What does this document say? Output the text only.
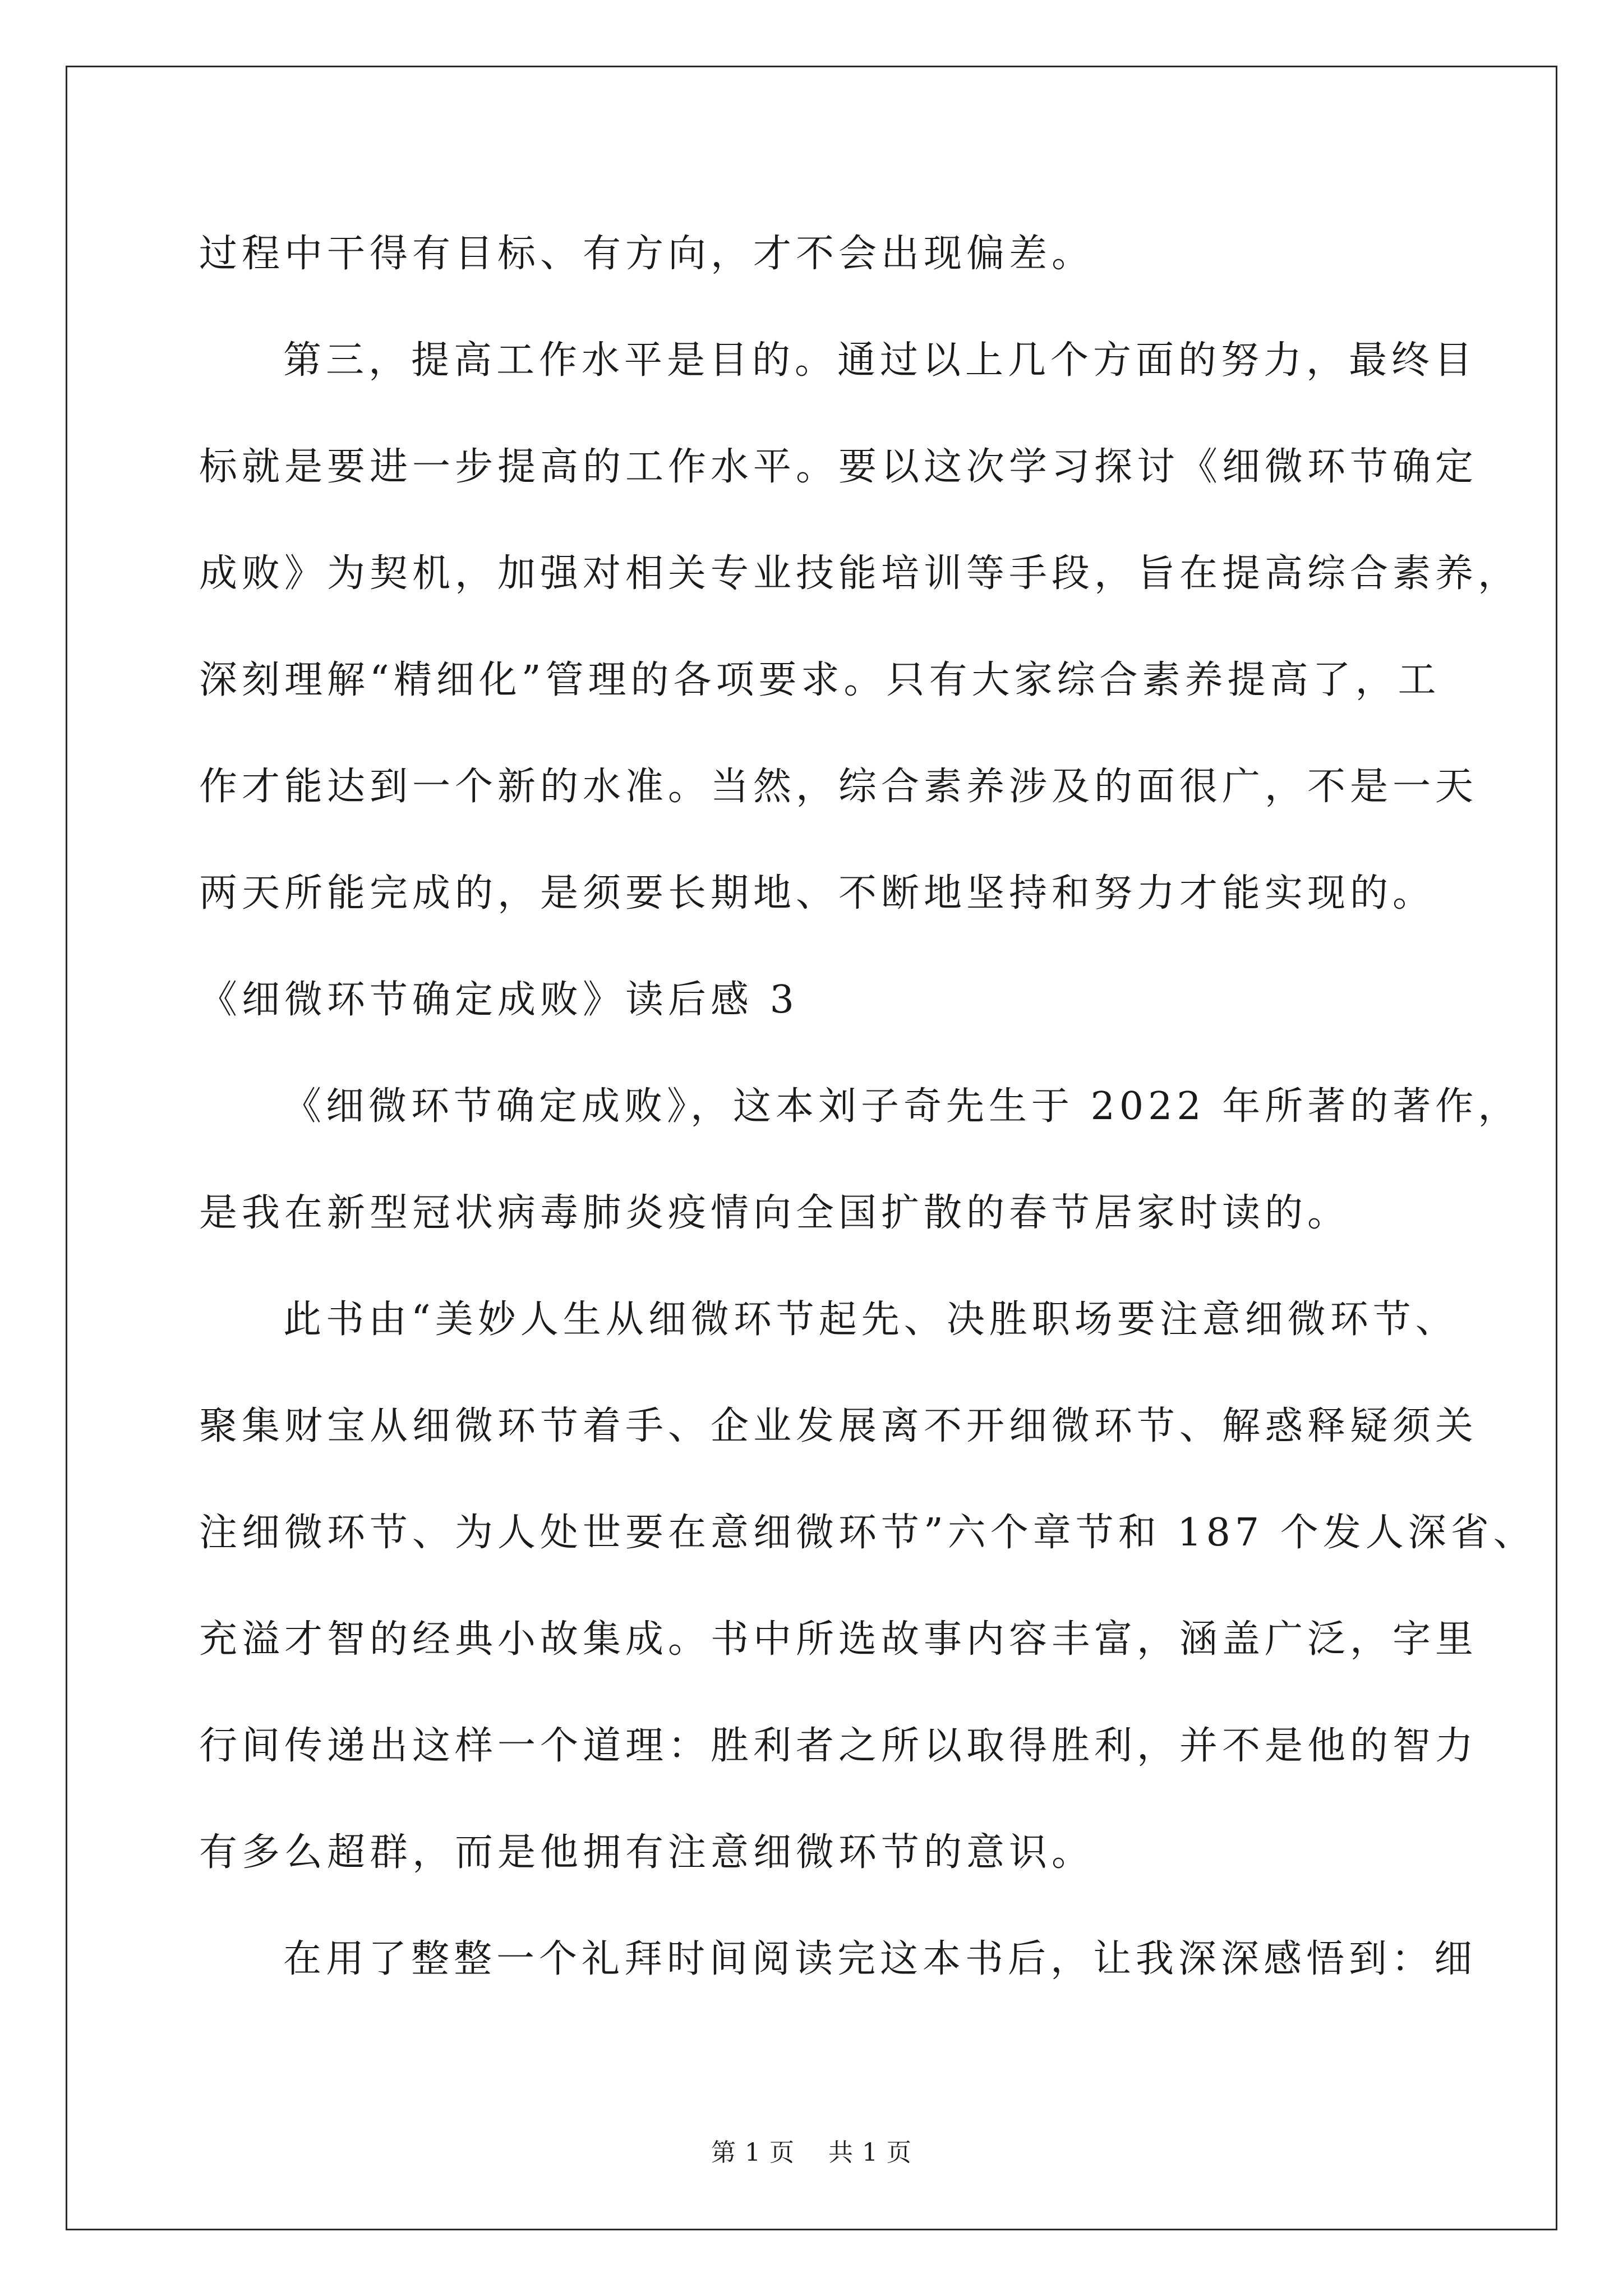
过程中干得有目标、有方向，才不会出现偏差。
第三，提高工作水平是目的。通过以上几个方面的努力，最终目
标就是要进一步提高的工作水平。要以这次学习探讨《细微环节确定
成败》为契机，加强对相关专业技能培训等手段，旨在提高综合素养，
深刻理解“精细化”管理的各项要求。只有大家综合素养提高了，工
作才能达到一个新的水准。当然，综合素养涉及的面很广，不是一天
两天所能完成的，是须要长期地、不断地坚持和努力才能实现的。
《细微环节确定成败》读后感 3
《细微环节确定成败》，这本刘子奇先生于 2022 年所著的著作，
是我在新型冠状病毒肺炎疫情向全国扩散的春节居家时读的。
此书由“美妙人生从细微环节起先、决胜职场要注意细微环节、
聚集财宝从细微环节着手、企业发展离不开细微环节、解惑释疑须关
注细微环节、为人处世要在意细微环节”六个章节和 187 个发人深省、
充溢才智的经典小故集成。书中所选故事内容丰富，涵盖广泛，字里
行间传递出这样一个道理：胜利者之所以取得胜利，并不是他的智力
有多么超群，而是他拥有注意细微环节的意识。
在用了整整一个礼拜时间阅读完这本书后，让我深深感悟到：细
第 1 页    共 1 页
